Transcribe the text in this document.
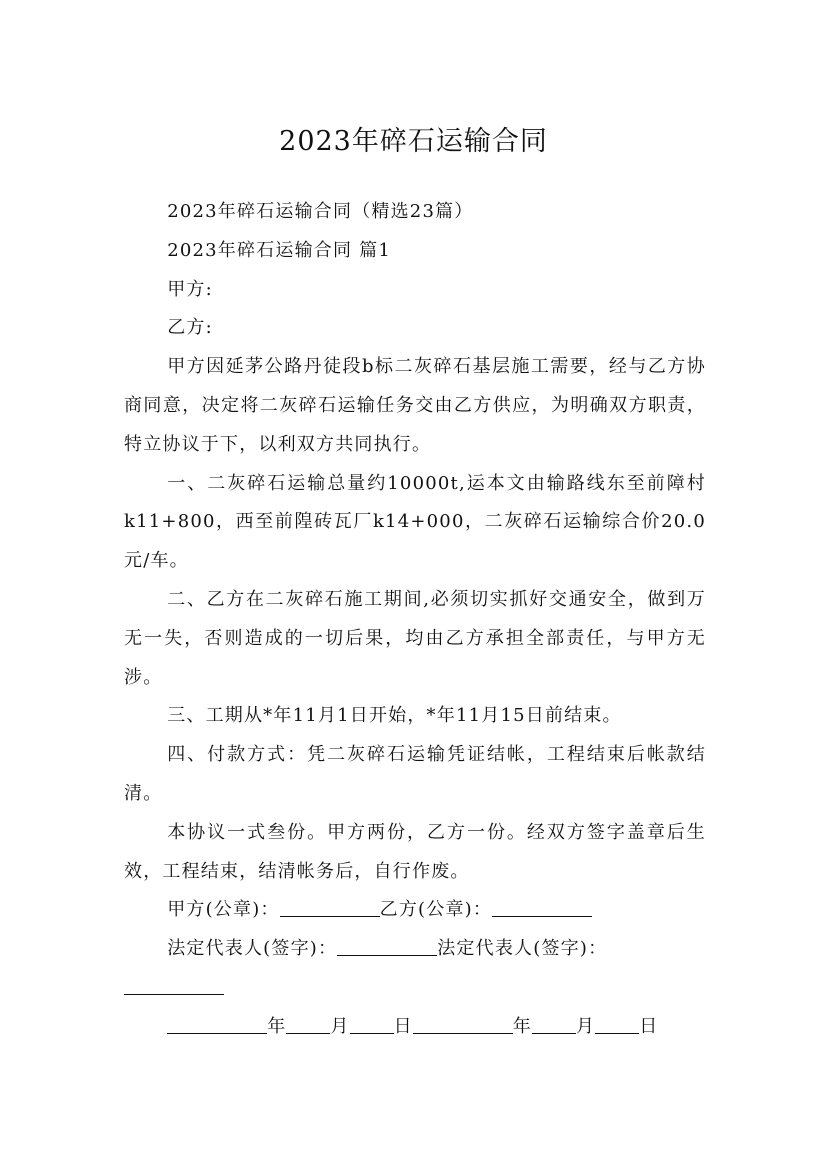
2023年碎石运输合同

2023年碎石运输合同（精选23篇）

2023年碎石运输合同 篇1

甲方:

乙方:

甲方因延茅公路丹徒段b标二灰碎石基层施工需要，经与乙方协商同意，决定将二灰碎石运输任务交由乙方供应，为明确双方职责，特立协议于下，以利双方共同执行。

一、二灰碎石运输总量约10000t,运本文由输路线东至前障村k11+800，西至前隍砖瓦厂k14+000，二灰碎石运输综合价20.0元/车。

二、乙方在二灰碎石施工期间,必须切实抓好交通安全，做到万无一失，否则造成的一切后果，均由乙方承担全部责任，与甲方无涉。

三、工期从*年11月1日开始，*年11月15日前结束。

四、付款方式：凭二灰碎石运输凭证结帐，工程结束后帐款结清。

本协议一式叁份。甲方两份，乙方一份。经双方签字盖章后生效，工程结束，结清帐务后，自行作废。

甲方(公章)：	乙方(公章)：

法定代表人(签字)：	法定代表人(签字)：

年 月 日	年 月 日
